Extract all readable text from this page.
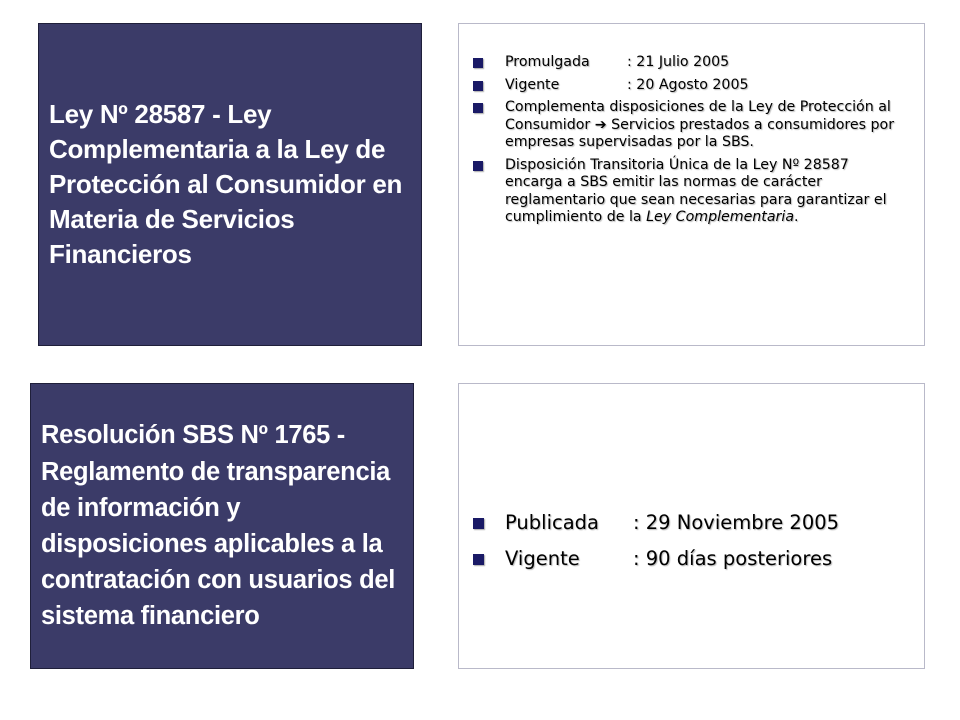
Ley Nº 28587 - Ley Complementaria a la Ley de Protección al Consumidor en Materia de Servicios Financieros
Promulgada	: 21 Julio 2005
Vigente	: 20 Agosto 2005
Complementa disposiciones de la Ley de Protección al Consumidor ➔ Servicios prestados a consumidores por empresas supervisadas por la SBS.
Disposición Transitoria Única de la Ley Nº 28587 encarga a SBS emitir las normas de carácter reglamentario que sean necesarias para garantizar el cumplimiento de la Ley Complementaria.
Resolución SBS Nº 1765 - Reglamento de transparencia de información y disposiciones aplicables a la contratación con usuarios del sistema financiero
Publicada	: 29 Noviembre 2005
Vigente	: 90 días posteriores
